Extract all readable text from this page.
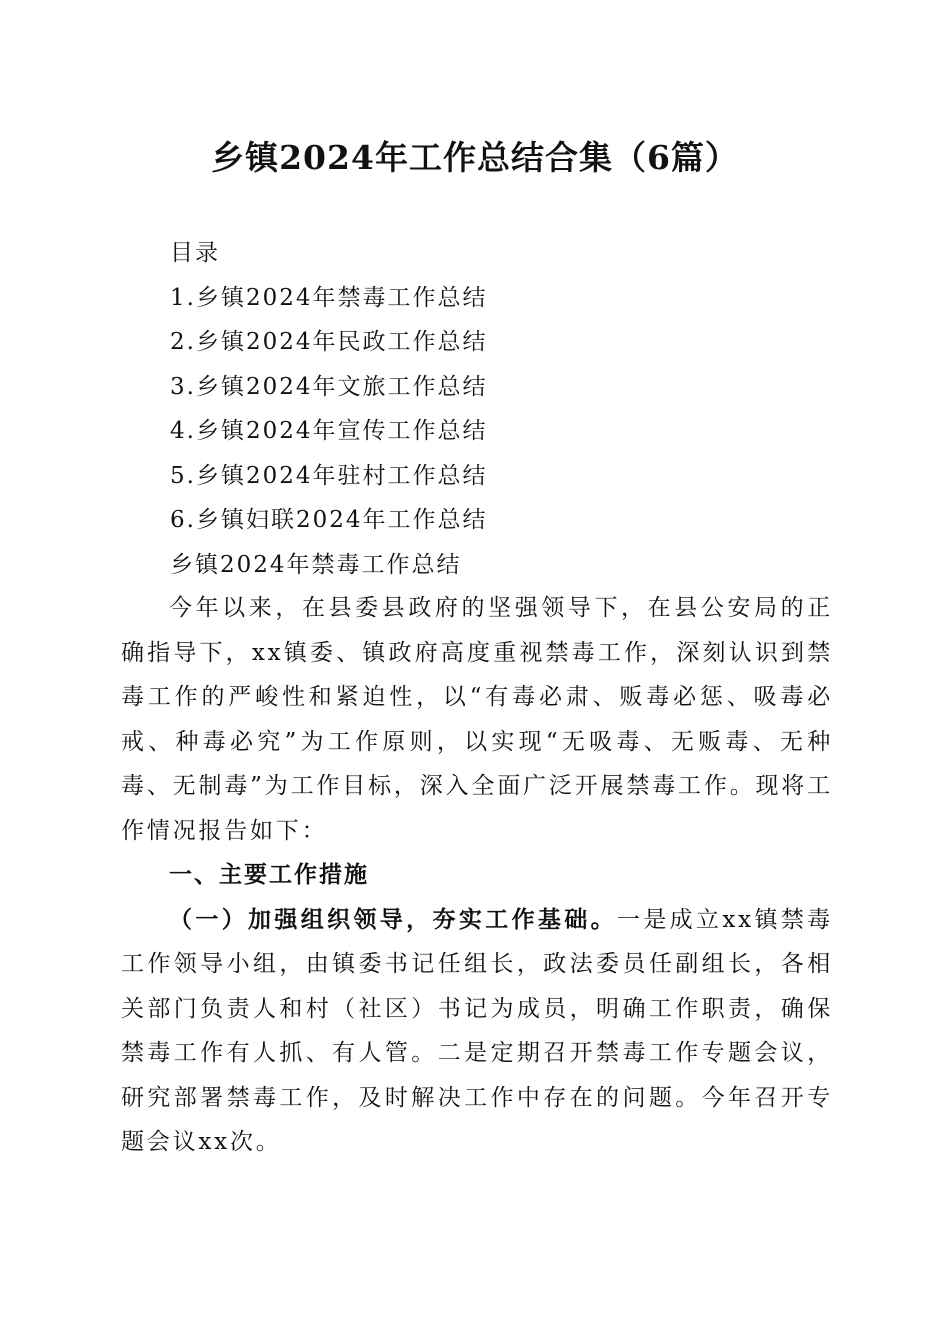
乡镇2024年工作总结合集（6篇）
目录
1.乡镇2024年禁毒工作总结
2.乡镇2024年民政工作总结
3.乡镇2024年文旅工作总结
4.乡镇2024年宣传工作总结
5.乡镇2024年驻村工作总结
6.乡镇妇联2024年工作总结
乡镇2024年禁毒工作总结

今年以来，在县委县政府的坚强领导下，在县公安局的正确指导下，xx镇委、镇政府高度重视禁毒工作，深刻认识到禁毒工作的严峻性和紧迫性，以“有毒必肃、贩毒必惩、吸毒必戒、种毒必究”为工作原则，以实现“无吸毒、无贩毒、无种毒、无制毒”为工作目标，深入全面广泛开展禁毒工作。现将工作情况报告如下：

一、主要工作措施

（一）加强组织领导，夯实工作基础。一是成立xx镇禁毒工作领导小组，由镇委书记任组长，政法委员任副组长，各相关部门负责人和村（社区）书记为成员，明确工作职责，确保禁毒工作有人抓、有人管。二是定期召开禁毒工作专题会议，研究部署禁毒工作，及时解决工作中存在的问题。今年召开专题会议xx次。
